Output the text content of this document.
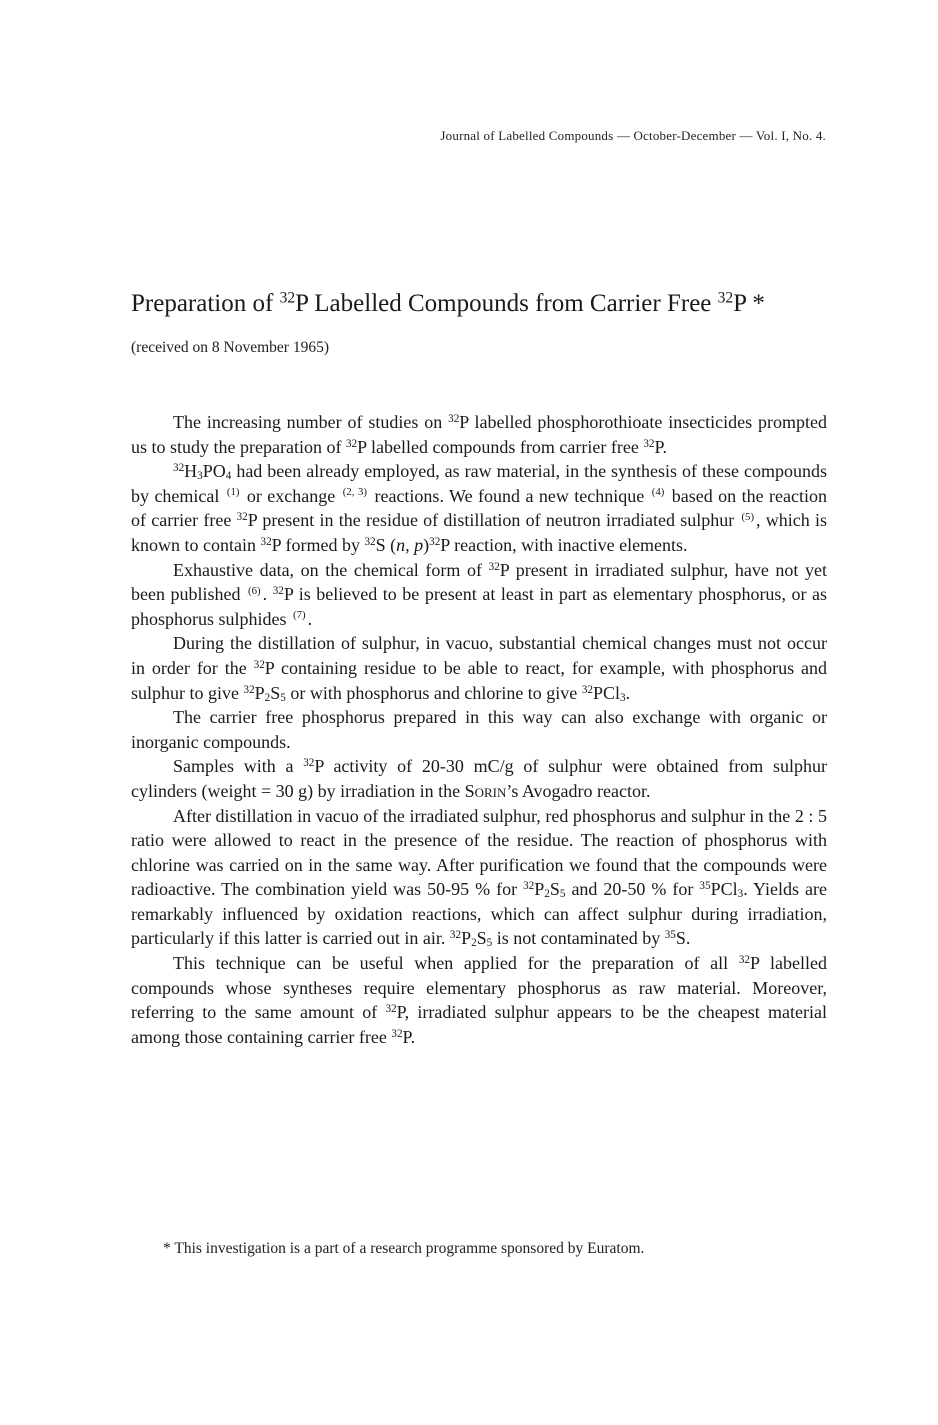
Journal of Labelled Compounds — October-December — Vol. I, No. 4.
Preparation of $^{32}$P Labelled Compounds from Carrier Free $^{32}$P *
(received on 8 November 1965)

The increasing number of studies on $^{32}$P labelled phosphorothioate insecticides prompted us to study the preparation of $^{32}$P labelled compounds from carrier free $^{32}$P.

$^{32}H_3PO_4$ had been already employed, as raw material, in the synthesis of these compounds by chemical $^{(1)}$ or exchange $^{(2, 3)}$ reactions. We found a new technique $^{(4)}$ based on the reaction of carrier free $^{32}$P present in the residue of distillation of neutron irradiated sulphur $^{(5)}$ , which is known to contain $^{32}$P formed by $^{32}$S (n, p)$^{32}$P reaction, with inactive elements.

Exhaustive data, on the chemical form of $^{32}$P present in irradiated sulphur, have not yet been published $^{(6)}$ . $^{32}$P is believed to be present at least in part as elementary phosphorus, or as phosphorus sulphides $^{(7)}$ .

During the distillation of sulphur, in vacuo, substantial chemical changes must not occur in order for the $^{32}$P containing residue to be able to react, for example, with phosphorus and sulphur to give $^{32}P_2S_5$ or with phosphorus and chlorine to give $^{32}$PCl$_3$.

The carrier free phosphorus prepared in this way can also exchange with organic or inorganic compounds.

Samples with a $^{32}$P activity of 20-30 mC/g of sulphur were obtained from sulphur cylinders (weight = 30 g) by irradiation in the Sorin’s Avogadro reactor.

After distillation in vacuo of the irradiated sulphur, red phosphorus and sulphur in the 2 : 5 ratio were allowed to react in the presence of the residue. The reaction of phosphorus with chlorine was carried on in the same way. After purification we found that the compounds were radioactive. The combination yield was 50-95 % for $^{32}P_2S_5$ and 20-50 % for $^{35}$PCl$_3$. Yields are remarkably influenced by oxidation reactions, which can affect sulphur during irradiation, particularly if this latter is carried out in air. $^{32}P_2S_5$ is not contaminated by $^{35}$S.

This technique can be useful when applied for the preparation of all $^{32}$P labelled compounds whose syntheses require elementary phosphorus as raw material. Moreover, referring to the same amount of $^{32}$P, irradiated sulphur appears to be the cheapest material among those containing carrier free $^{32}$P.

* This investigation is a part of a research programme sponsored by Euratom.
